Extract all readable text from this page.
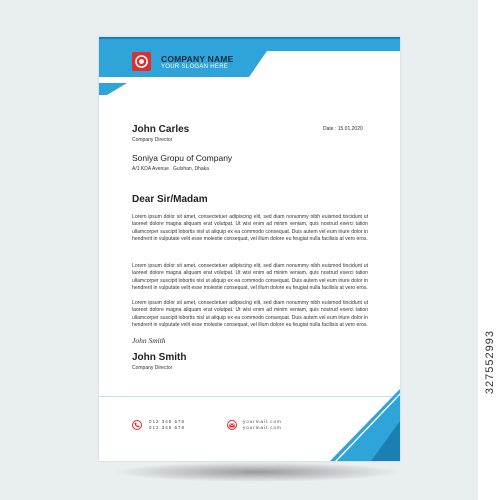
327552993
COMPANY NAME
YOUR SLOGAN HERE
John Carles
Company Director
Date : 15.01.2020
Soniya Gropu of Company
A/1 KDA Avenue . Gulshan, Dhaka
Dear Sir/Madam

Lorem ipsum dolor sit amet, consectetuer adipiscing elit, sed diam nonummy nibh euismod tincidunt ut laoreet dolore magna aliquam erat volutpat. Ut wisi enim ad minim veniam, quis nostrud exerci tation ullamcorper suscipit lobortis nisl ut aliquip ex ea commodo consequat. Duis autem vel eum iriure dolor in hendrerit in vulputate velit esse molestie consequat, vel illum dolore eu feugiat nulla facilisis at vero eros.

Lorem ipsum dolor sit amet, consectetuer adipiscing elit, sed diam nonummy nibh euismod tincidunt ut laoreet dolore magna aliquam erat volutpat. Ut wisi enim ad minim veniam, quis nostrud exerci tation ullamcorper suscipit lobortis nisl ut aliquip ex ea commodo consequat. Duis autem vel eum iriure dolor in hendrerit in vulputate velit esse molestie consequat, vel illum dolore eu feugiat nulla facilisis at vero eros.

Lorem ipsum dolor sit amet, consectetuer adipiscing elit, sed diam nonummy nibh euismod tincidunt ut laoreet dolore magna aliquam erat volutpat. Ut wisi enim ad minim veniam, quis nostrud exerci tation ullamcorper suscipit lobortis nisl ut aliquip ex ea commodo consequat. Duis autem vel eum iriure dolor in hendrerit in vulputate velit esse molestie consequat, vel illum dolore eu feugiat nulla facilisis at vero eros.

John Smith
John Smith
Company Director
012 345 678
012 345 678
yourmail.com
yourmail.com
